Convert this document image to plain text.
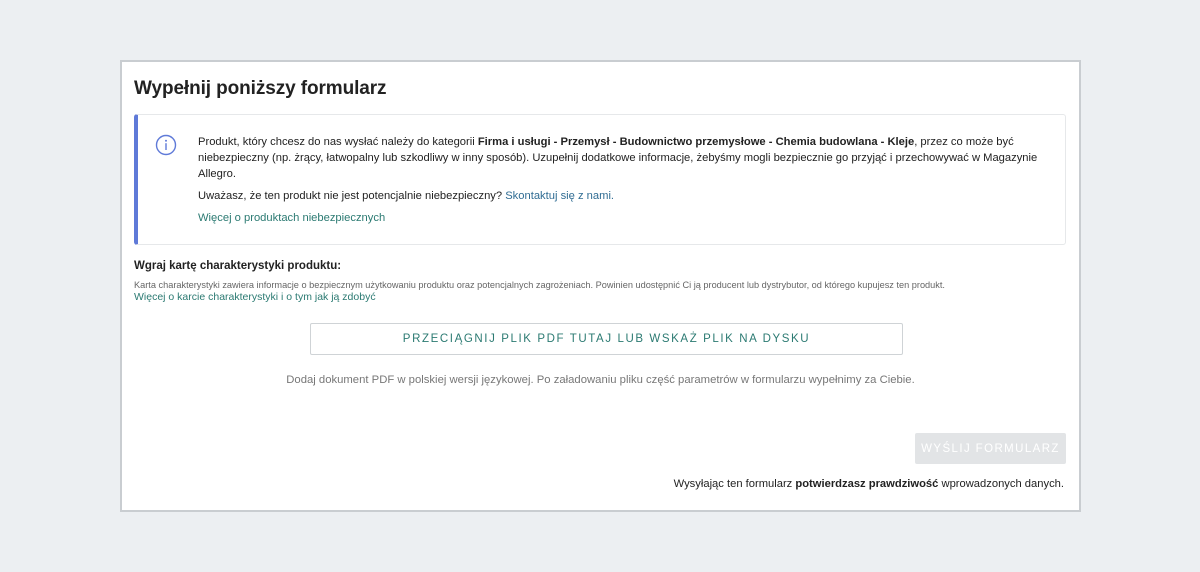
Wypełnij poniższy formularz

Produkt, który chcesz do nas wysłać należy do kategorii Firma i usługi - Przemysł - Budownictwo przemysłowe - Chemia budowlana - Kleje, przez co może być niebezpieczny (np. żrący, łatwopalny lub szkodliwy w inny sposób). Uzupełnij dodatkowe informacje, żebyśmy mogli bezpiecznie go przyjąć i przechowywać w Magazynie Allegro.

Uważasz, że ten produkt nie jest potencjalnie niebezpieczny? Skontaktuj się z nami.

Więcej o produktach niebezpiecznych

Wgraj kartę charakterystyki produktu:
Karta charakterystyki zawiera informacje o bezpiecznym użytkowaniu produktu oraz potencjalnych zagrożeniach. Powinien udostępnić Ci ją producent lub dystrybutor, od którego kupujesz ten produkt.
Więcej o karcie charakterystyki i o tym jak ją zdobyć
PRZECIĄGNIJ PLIK PDF TUTAJ LUB WSKAŻ PLIK NA DYSKU
Dodaj dokument PDF w polskiej wersji językowej. Po załadowaniu pliku część parametrów w formularzu wypełnimy za Ciebie.
WYŚLIJ FORMULARZ
Wysyłając ten formularz potwierdzasz prawdziwość wprowadzonych danych.
